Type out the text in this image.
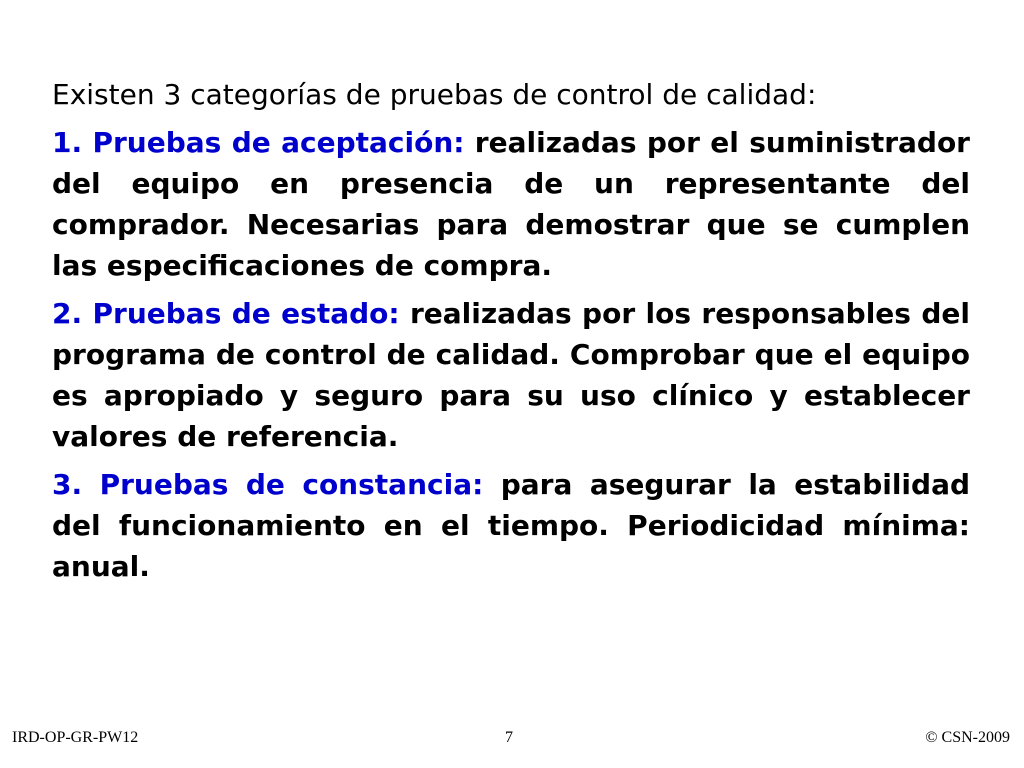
Existen 3 categorías de pruebas de control de calidad:

1. Pruebas de aceptación: realizadas por el suministrador del equipo en presencia de un representante del comprador. Necesarias para demostrar que se cumplen las especificaciones de compra.

2. Pruebas de estado: realizadas por los responsables del programa de control de calidad. Comprobar que el equipo es apropiado y seguro para su uso clínico y establecer valores de referencia.

3. Pruebas de constancia: para asegurar la estabilidad del funcionamiento en el tiempo. Periodicidad mínima: anual.

IRD-OP-GR-PW12	7	© CSN-2009
